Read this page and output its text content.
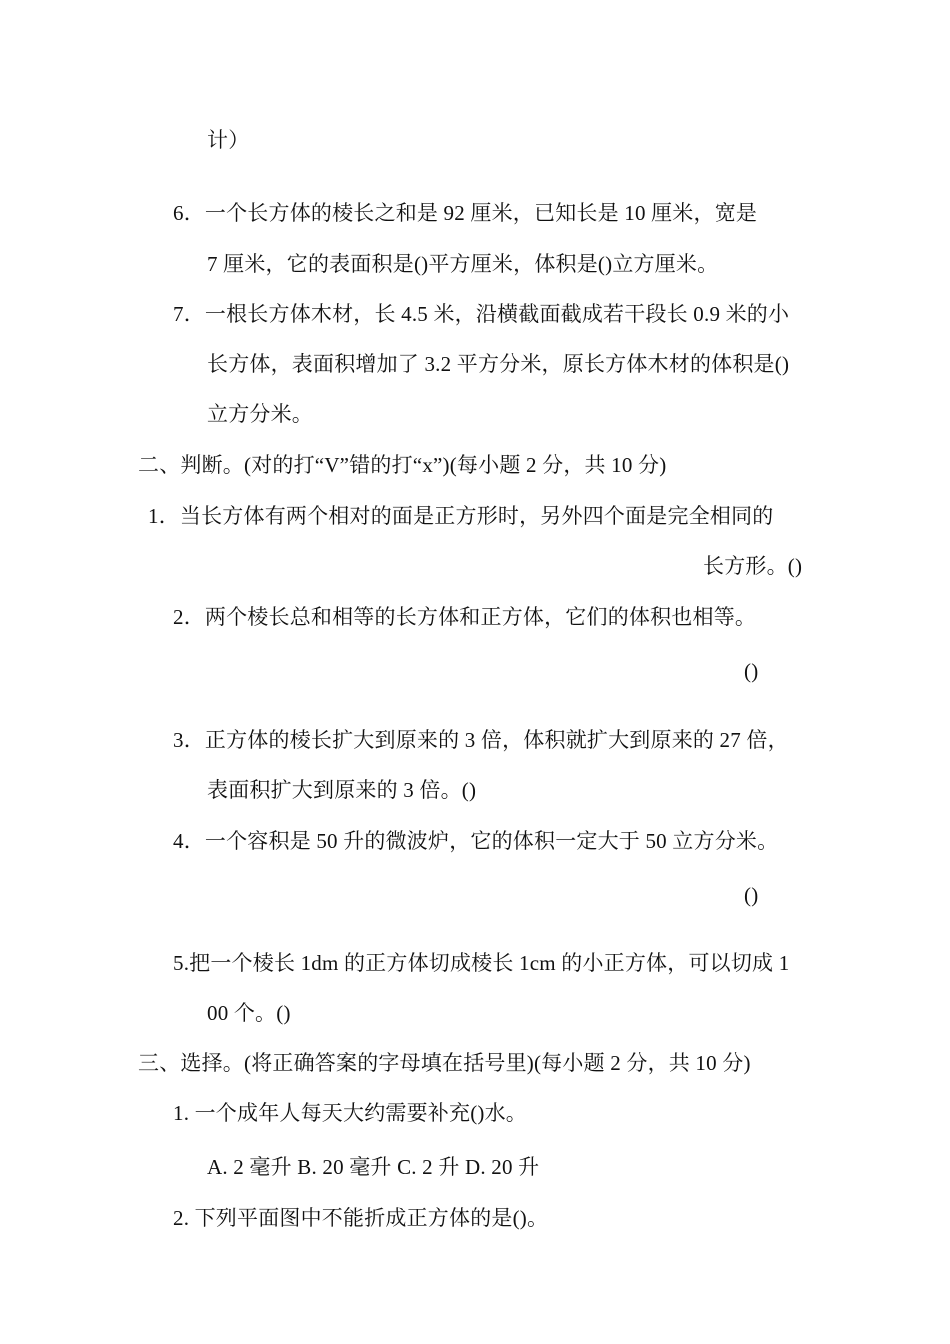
计）
6．一个长方体的棱长之和是 92 厘米，已知长是 10 厘米，宽是
7 厘米，它的表面积是()平方厘米，体积是()立方厘米。
7．一根长方体木材，长 4.5 米，沿横截面截成若干段长 0.9 米的小
长方体，表面积增加了 3.2 平方分米，原长方体木材的体积是()
立方分米。
二、判断。(对的打“V”错的打“x”)(每小题 2 分，共 10 分)
1．当长方体有两个相对的面是正方形时，另外四个面是完全相同的
长方形。()
2．两个棱长总和相等的长方体和正方体，它们的体积也相等。
()
3．正方体的棱长扩大到原来的 3 倍，体积就扩大到原来的 27 倍，
表面积扩大到原来的 3 倍。()
4．一个容积是 50 升的微波炉，它的体积一定大于 50 立方分米。
()
5.把一个棱长 1dm 的正方体切成棱长 1cm 的小正方体，可以切成 1
00 个。()
三、选择。(将正确答案的字母填在括号里)(每小题 2 分，共 10 分)
1. 一个成年人每天大约需要补充()水。
A. 2 毫升 B. 20 毫升 C. 2 升 D. 20 升
2. 下列平面图中不能折成正方体的是()。
